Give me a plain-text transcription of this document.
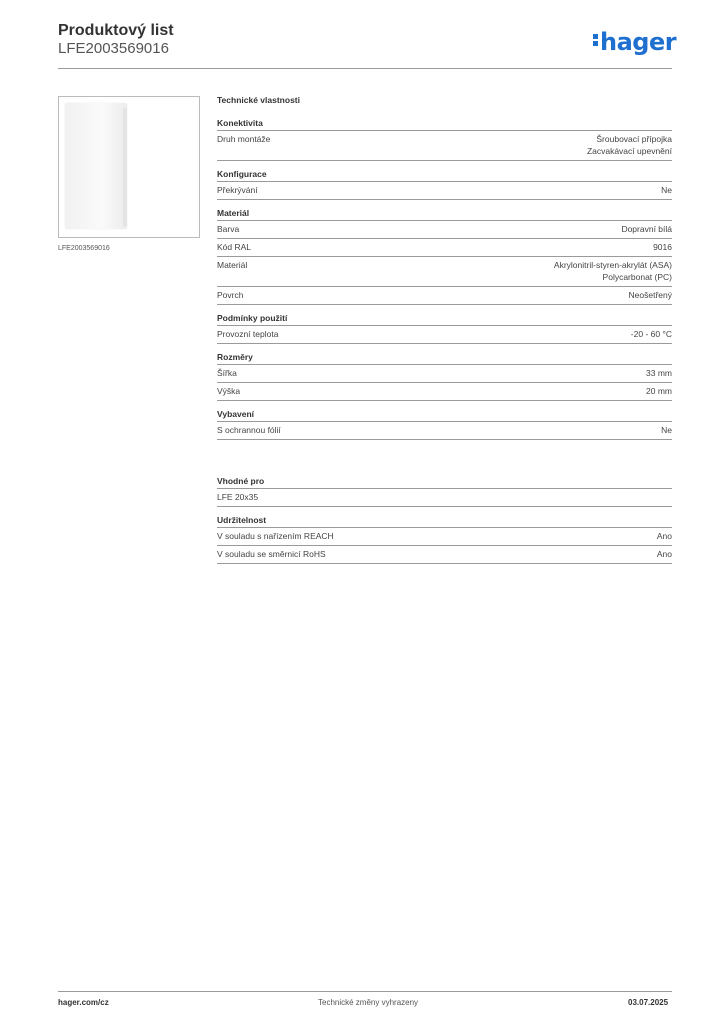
Produktový list
LFE2003569016	hager
LFE2003569016
Technické vlastnosti
Konektivita
Druh montáže	Šroubovací přípojka
Zacvakávací upevnění
Konfigurace
Překrývání	Ne
Materiál
Barva	Dopravní bílá
Kód RAL	9016
Materiál	Akrylonitril-styren-akrylát (ASA)
Polycarbonat (PC)
Povrch	Neošetřený
Podmínky použití
Provozní teplota	-20 - 60 °C
Rozměry
Šířka	33 mm
Výška	20 mm
Vybavení
S ochrannou fólií	Ne
Vhodné pro
LFE 20x35
Udržitelnost
V souladu s nařízením REACH	Ano
V souladu se směrnicí RoHS	Ano
hager.com/cz	Technické změny vyhrazeny	03.07.2025
